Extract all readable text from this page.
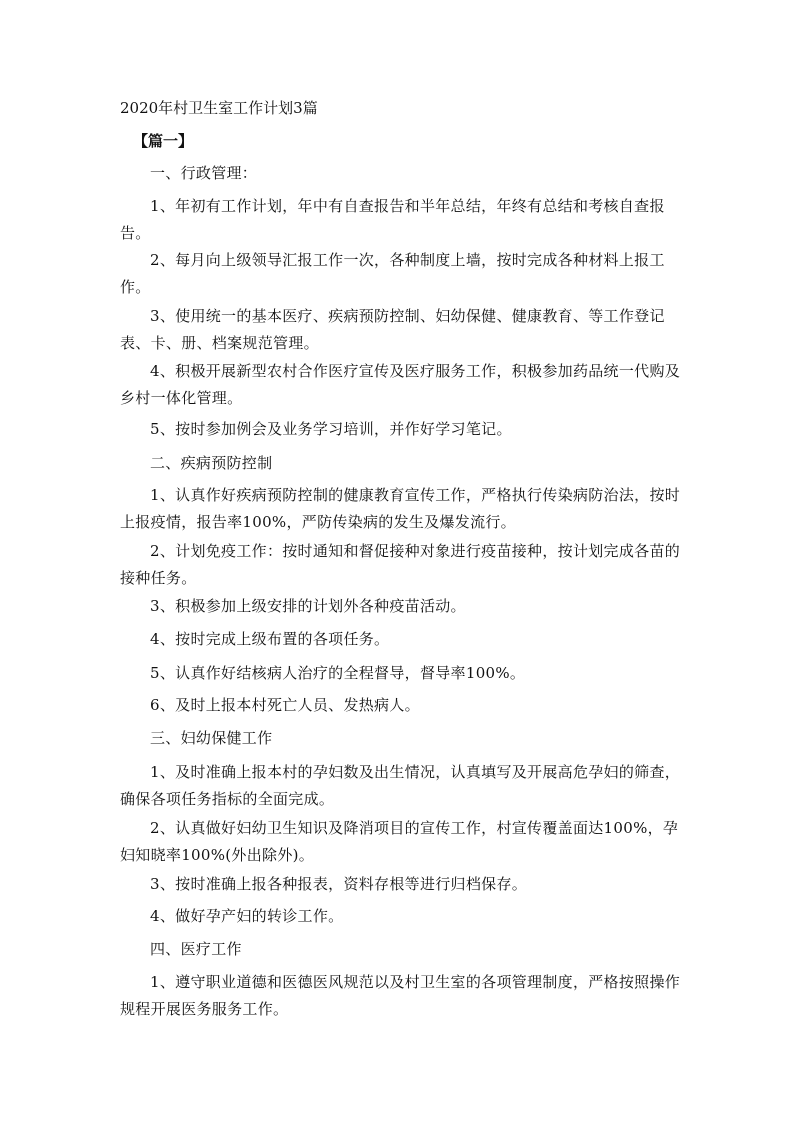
2020年村卫生室工作计划3篇
【篇一】

一、行政管理：

1、年初有工作计划，年中有自查报告和半年总结，年终有总结和考核自查报告。

2、每月向上级领导汇报工作一次，各种制度上墙，按时完成各种材料上报工作。

3、使用统一的基本医疗、疾病预防控制、妇幼保健、健康教育、等工作登记表、卡、册、档案规范管理。

4、积极开展新型农村合作医疗宣传及医疗服务工作，积极参加药品统一代购及乡村一体化管理。

5、按时参加例会及业务学习培训，并作好学习笔记。

二、疾病预防控制

1、认真作好疾病预防控制的健康教育宣传工作，严格执行传染病防治法，按时上报疫情，报告率100%，严防传染病的发生及爆发流行。

2、计划免疫工作：按时通知和督促接种对象进行疫苗接种，按计划完成各苗的接种任务。

3、积极参加上级安排的计划外各种疫苗活动。

4、按时完成上级布置的各项任务。

5、认真作好结核病人治疗的全程督导，督导率100%。

6、及时上报本村死亡人员、发热病人。

三、妇幼保健工作

1、及时准确上报本村的孕妇数及出生情况，认真填写及开展高危孕妇的筛查，确保各项任务指标的全面完成。

2、认真做好妇幼卫生知识及降消项目的宣传工作，村宣传覆盖面达100%，孕妇知晓率100%(外出除外)。

3、按时准确上报各种报表，资料存根等进行归档保存。

4、做好孕产妇的转诊工作。

四、医疗工作

1、遵守职业道德和医德医风规范以及村卫生室的各项管理制度，严格按照操作规程开展医务服务工作。
